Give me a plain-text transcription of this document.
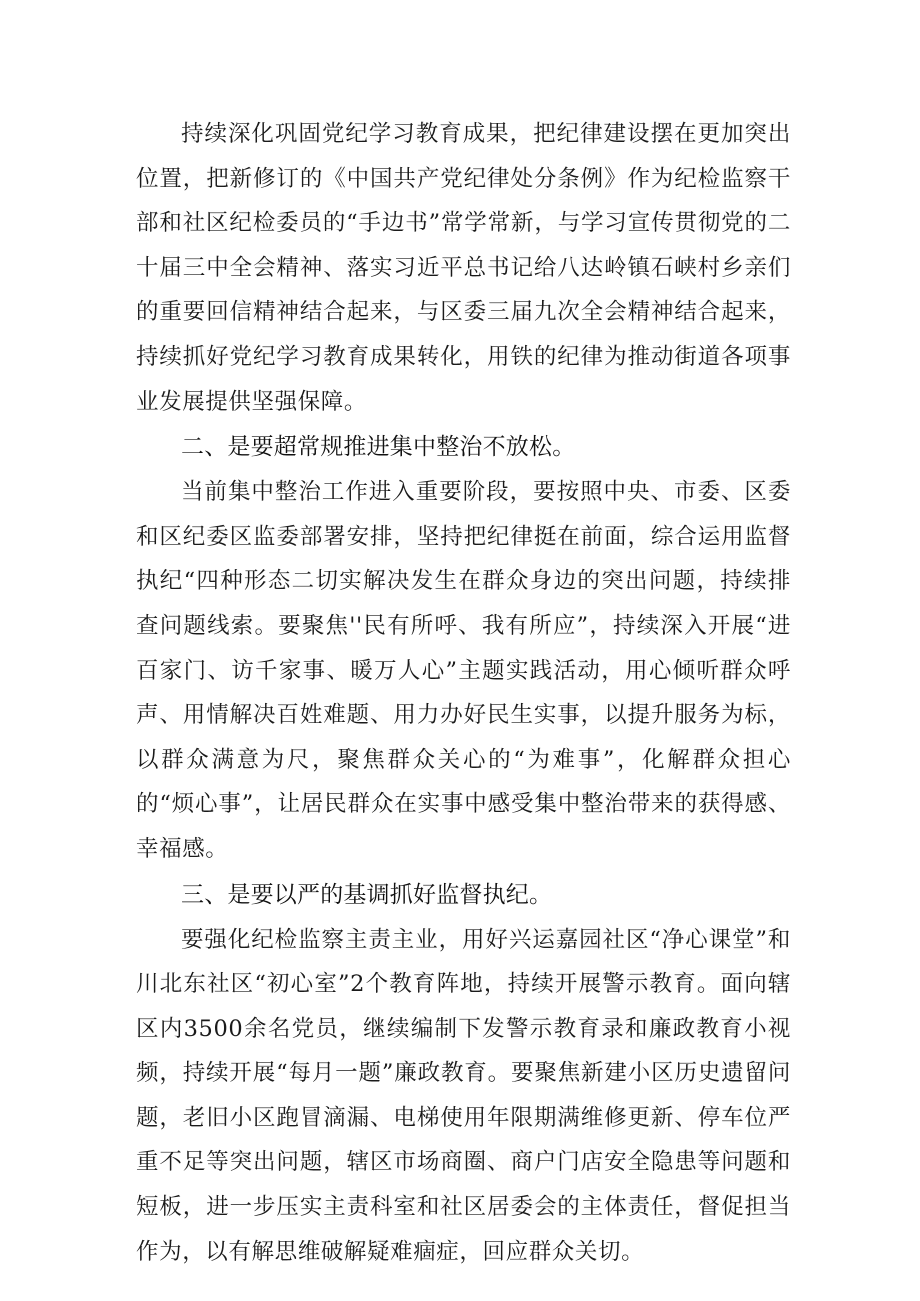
持续深化巩固党纪学习教育成果，把纪律建设摆在更加突出位置，把新修订的《中国共产党纪律处分条例》作为纪检监察干部和社区纪检委员的“手边书”常学常新，与学习宣传贯彻党的二十届三中全会精神、落实习近平总书记给八达岭镇石峡村乡亲们的重要回信精神结合起来，与区委三届九次全会精神结合起来，持续抓好党纪学习教育成果转化，用铁的纪律为推动街道各项事业发展提供坚强保障。

二、是要超常规推进集中整治不放松。

当前集中整治工作进入重要阶段，要按照中央、市委、区委和区纪委区监委部署安排，坚持把纪律挺在前面，综合运用监督执纪“四种形态二切实解决发生在群众身边的突出问题，持续排查问题线索。要聚焦''民有所呼、我有所应”，持续深入开展“进百家门、访千家事、暖万人心”主题实践活动，用心倾听群众呼声、用情解决百姓难题、用力办好民生实事，以提升服务为标，以群众满意为尺，聚焦群众关心的“为难事”，化解群众担心的“烦心事”，让居民群众在实事中感受集中整治带来的获得感、幸福感。

三、是要以严的基调抓好监督执纪。

要强化纪检监察主责主业，用好兴运嘉园社区“净心课堂”和川北东社区“初心室”2个教育阵地，持续开展警示教育。面向辖区内3500余名党员，继续编制下发警示教育录和廉政教育小视频，持续开展“每月一题”廉政教育。要聚焦新建小区历史遗留问题，老旧小区跑冒滴漏、电梯使用年限期满维修更新、停车位严重不足等突出问题，辖区市场商圈、商户门店安全隐患等问题和短板，进一步压实主责科室和社区居委会的主体责任，督促担当作为，以有解思维破解疑难痼症，回应群众关切。
